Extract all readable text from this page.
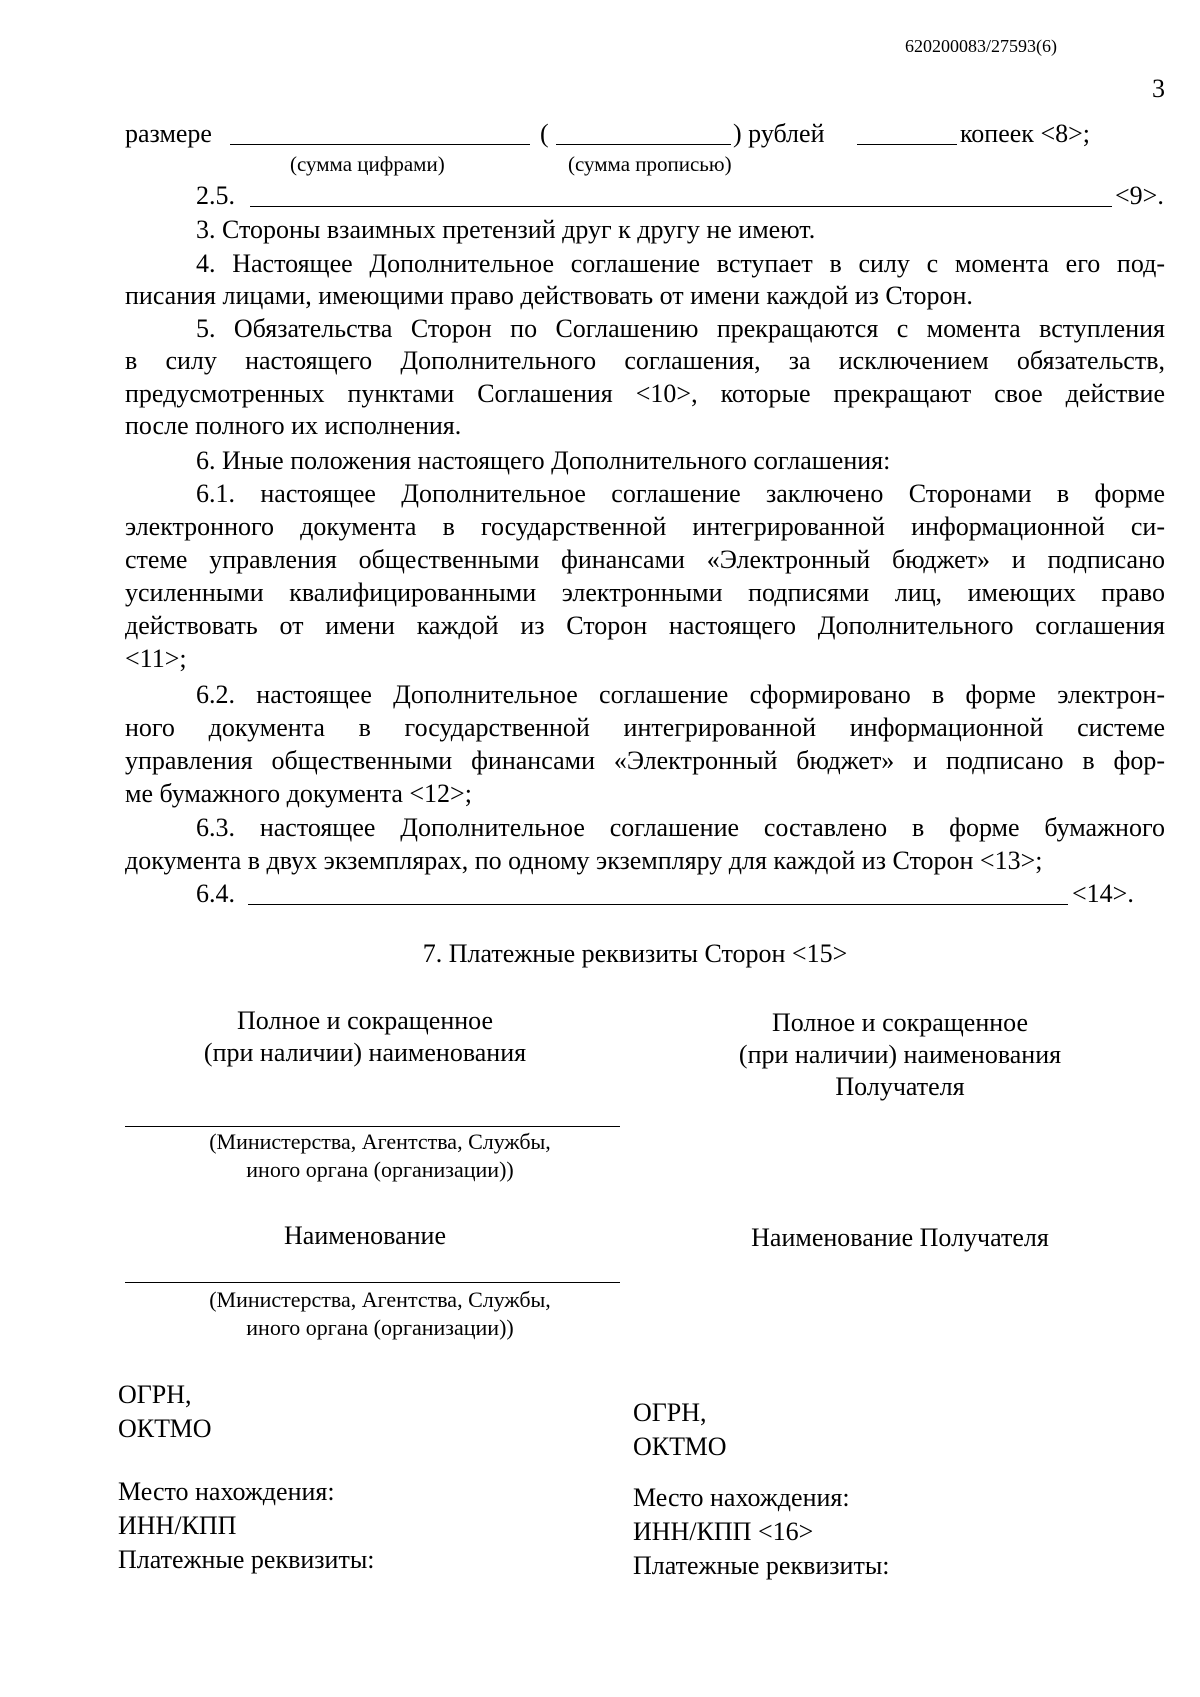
620200083/27593(6)
3
размере	(	) рублей	копеек <8>;
(сумма цифрами)	(сумма прописью)
2.5.	<9>.
3. Стороны взаимных претензий друг к другу не имеют.
4. Настоящее Дополнительное соглашение вступает в силу с момента его под-
писания лицами, имеющими право действовать от имени каждой из Сторон.
5. Обязательства Сторон по Соглашению прекращаются с момента вступления
в силу настоящего Дополнительного соглашения, за исключением обязательств,
предусмотренных пунктами Соглашения <10>, которые прекращают свое действие
после полного их исполнения.
6. Иные положения настоящего Дополнительного соглашения:
6.1. настоящее Дополнительное соглашение заключено Сторонами в форме
электронного документа в государственной интегрированной информационной си-
стеме управления общественными финансами «Электронный бюджет» и подписано
усиленными квалифицированными электронными подписями лиц, имеющих право
действовать от имени каждой из Сторон настоящего Дополнительного соглашения
<11>;
6.2. настоящее Дополнительное соглашение сформировано в форме электрон-
ного документа в государственной интегрированной информационной системе
управления общественными финансами «Электронный бюджет» и подписано в фор-
ме бумажного документа <12>;
6.3. настоящее Дополнительное соглашение составлено в форме бумажного
документа в двух экземплярах, по одному экземпляру для каждой из Сторон <13>;
6.4.	<14>.
7. Платежные реквизиты Сторон <15>
Полное и сокращенное
(при наличии) наименования
(Министерства, Агентства, Службы,
иного органа (организации))
Наименование
(Министерства, Агентства, Службы,
иного органа (организации))
ОГРН,
ОКТМО
Место нахождения:
ИНН/КПП
Платежные реквизиты:
Полное и сокращенное
(при наличии) наименования
Получателя
Наименование Получателя
ОГРН,
ОКТМО
Место нахождения:
ИНН/КПП <16>
Платежные реквизиты:
